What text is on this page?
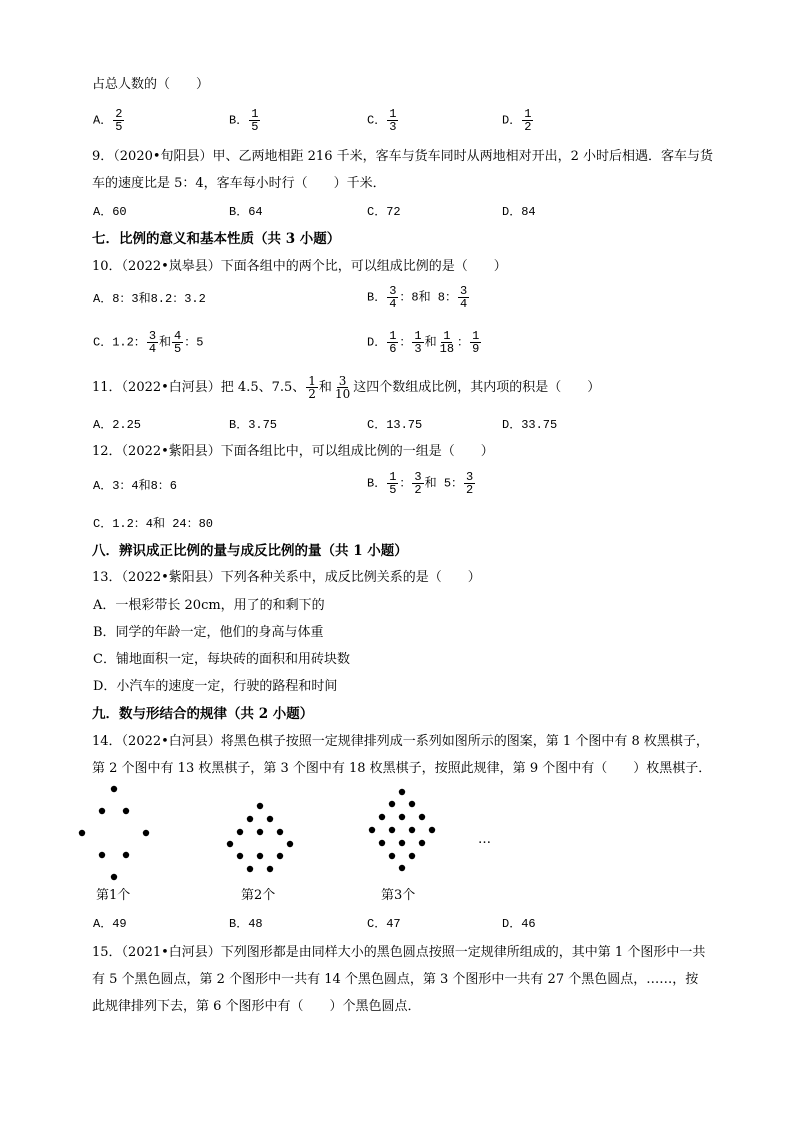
占总人数的（　　）
A． $\frac{2}{5}$	B． $\frac{1}{5}$	C． $\frac{1}{3}$	D． $\frac{1}{2}$
9．（2020•旬阳县）甲、乙两地相距 216 千米，客车与货车同时从两地相对开出，2 小时后相遇．客车与货
车的速度比是 5：4，客车每小时行（　　）千米．
A．60	B．64	C．72	D．84
七．比例的意义和基本性质（共 3 小题）
10．（2022•岚皋县）下面各组中的两个比，可以组成比例的是（　　）
A．8：3和8.2：3.2	B． $\frac{3}{4}$ ：8和 8： $\frac{3}{4}$
C．1.2： $\frac{3}{4}$ 和 $\frac{4}{5}$ ：5	D． $\frac{1}{6}$ ： $\frac{1}{3}$ 和 $\frac{1}{18}$ ： $\frac{1}{9}$
11．（2022•白河县）把 4.5、7.5、 $\frac{1}{2}$ 和 $\frac{3}{10}$ 这四个数组成比例，其内项的积是（　　）
A．2.25	B．3.75	C．13.75	D．33.75
12．（2022•紫阳县）下面各组比中，可以组成比例的一组是（　　）
A．3：4和8：6	B． $\frac{1}{5}$ ： $\frac{3}{2}$ 和 5： $\frac{3}{2}$
C．1.2：4和 24：80
八．辨识成正比例的量与成反比例的量（共 1 小题）
13．（2022•紫阳县）下列各种关系中，成反比例关系的是（　　）
A．一根彩带长 20cm，用了的和剩下的
B．同学的年龄一定，他们的身高与体重
C．铺地面积一定，每块砖的面积和用砖块数
D．小汽车的速度一定，行驶的路程和时间
九．数与形结合的规律（共 2 小题）
14．（2022•白河县）将黑色棋子按照一定规律排列成一系列如图所示的图案，第 1 个图中有 8 枚黑棋子，
第 2 个图中有 13 枚黑棋子，第 3 个图中有 18 枚黑棋子，按照此规律，第 9 个图中有（　　）枚黑棋子．
…
第1个	第2个	第3个
A．49	B．48	C．47	D．46
15．（2021•白河县）下列图形都是由同样大小的黑色圆点按照一定规律所组成的，其中第 1 个图形中一共
有 5 个黑色圆点，第 2 个图形中一共有 14 个黑色圆点，第 3 个图形中一共有 27 个黑色圆点，……，按
此规律排列下去，第 6 个图形中有（　　）个黑色圆点．
